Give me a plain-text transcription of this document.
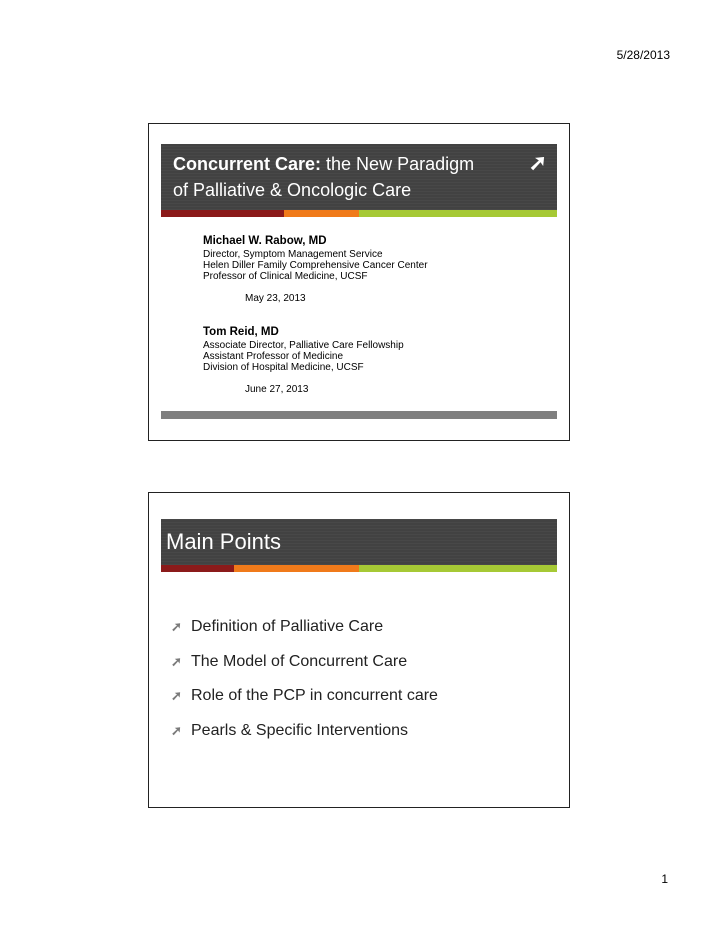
5/28/2013
Concurrent Care: the New Paradigm
of Palliative & Oncologic Care
➚
Michael W. Rabow, MD
Director, Symptom Management Service
Helen Diller Family Comprehensive Cancer Center
Professor of Clinical Medicine, UCSF
May 23, 2013
Tom Reid, MD
Associate Director, Palliative Care Fellowship
Assistant Professor of Medicine
Division of Hospital Medicine, UCSF
June 27, 2013
Main Points
➚ Definition of Palliative Care
➚ The Model of Concurrent Care
➚ Role of the PCP in concurrent care
➚ Pearls & Specific Interventions
1
